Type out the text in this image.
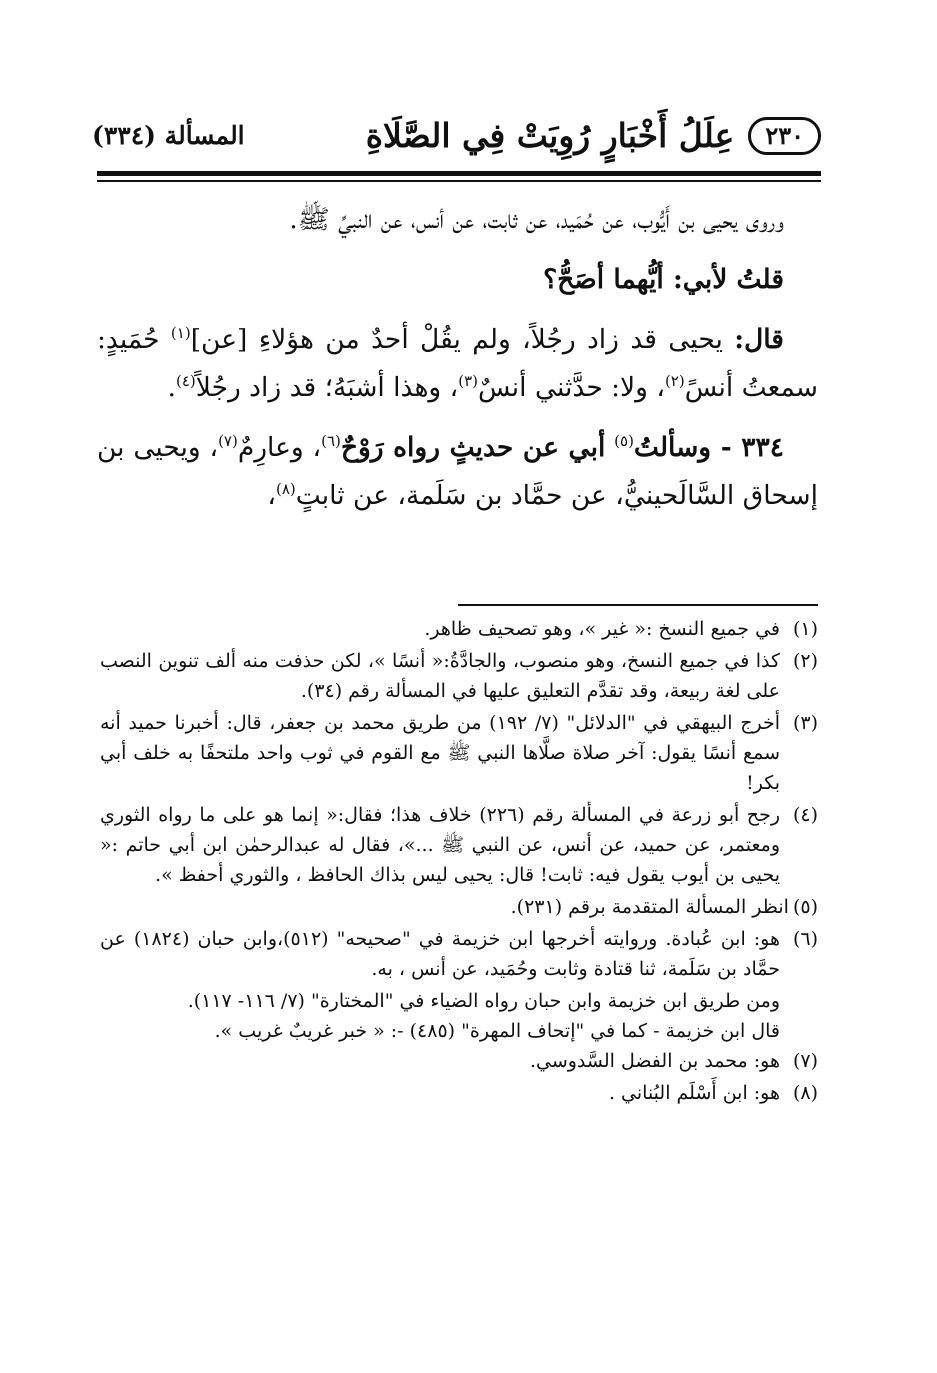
٢٣٠
عِلَلُ أَخْبَارٍ رُوِيَتْ فِي الصَّلَاةِ
المسألة (٣٣٤)

وروى يحيى بن أَيُّوب، عن حُمَيد، عن ثابت، عن أنس، عن النبيِّ ﷺ.

قلتُ لأبي: أيُّهما أصَحُّ؟

قال: يحيى قد زاد رجُلاً، ولم يقُلْ أحدٌ من هؤلاءِ [عن]$^{(١)}$ حُمَيدٍ: سمعتُ أنسً$^{(٢)}$، ولا: حدَّثني أنسٌ$^{(٣)}$، وهذا أشبَهُ؛ قد زاد رجُلاً$^{(٤)}$.

٣٣٤ - وسألتُ$^{(٥)}$ أبي عن حديثٍ رواه رَوْحٌ$^{(٦)}$، وعارِمٌ$^{(٧)}$، ويحيى بن إسحاق السَّالَحينيُّ، عن حمَّاد بن سَلَمة، عن ثابتٍ$^{(٨)}$،

(١)

في جميع النسخ :« غير »، وهو تصحيف ظاهر.

(٢)

كذا في جميع النسخ، وهو منصوب، والجادَّةُ:« أنسًا »، لكن حذفت منه ألف تنوين النصب على لغة ربيعة، وقد تقدَّم التعليق عليها في المسألة رقم (٣٤).

(٣)

أخرج البيهقي في "الدلائل" (٧/ ١٩٢) من طريق محمد بن جعفر، قال: أخبرنا حميد أنه سمع أنسًا يقول: آخر صلاة صلَّاها النبي ﷺ مع القوم في ثوب واحد ملتحفًا به خلف أبي بكر!

(٤)

رجح أبو زرعة في المسألة رقم (٢٢٦) خلاف هذا؛ فقال:« إنما هو على ما رواه الثوري ومعتمر، عن حميد، عن أنس، عن النبي ﷺ ...»، فقال له عبدالرحمٰن ابن أبي حاتم :« يحيى بن أيوب يقول فيه: ثابت! قال: يحيى ليس بذاك الحافظ ، والثوري أحفظ ».

(٥)

انظر المسألة المتقدمة برقم (٢٣١).

(٦)

هو: ابن عُبادة. وروايته أخرجها ابن خزيمة في "صحيحه" (٥١٢)،وابن حبان (١٨٢٤) عن حمَّاد بن سَلَمة، ثنا قتادة وثابت وحُمَيد، عن أنس ، به.

ومن طريق ابن خزيمة وابن حبان رواه الضياء في "المختارة" (٧/ ١١٦- ١١٧).

قال ابن خزيمة - كما في "إتحاف المهرة" (٤٨٥) -: « خبر غريبٌ غريب ».

(٧)

هو: محمد بن الفضل السَّدوسي.

(٨)

هو: ابن أَسْلَم البُناني .
